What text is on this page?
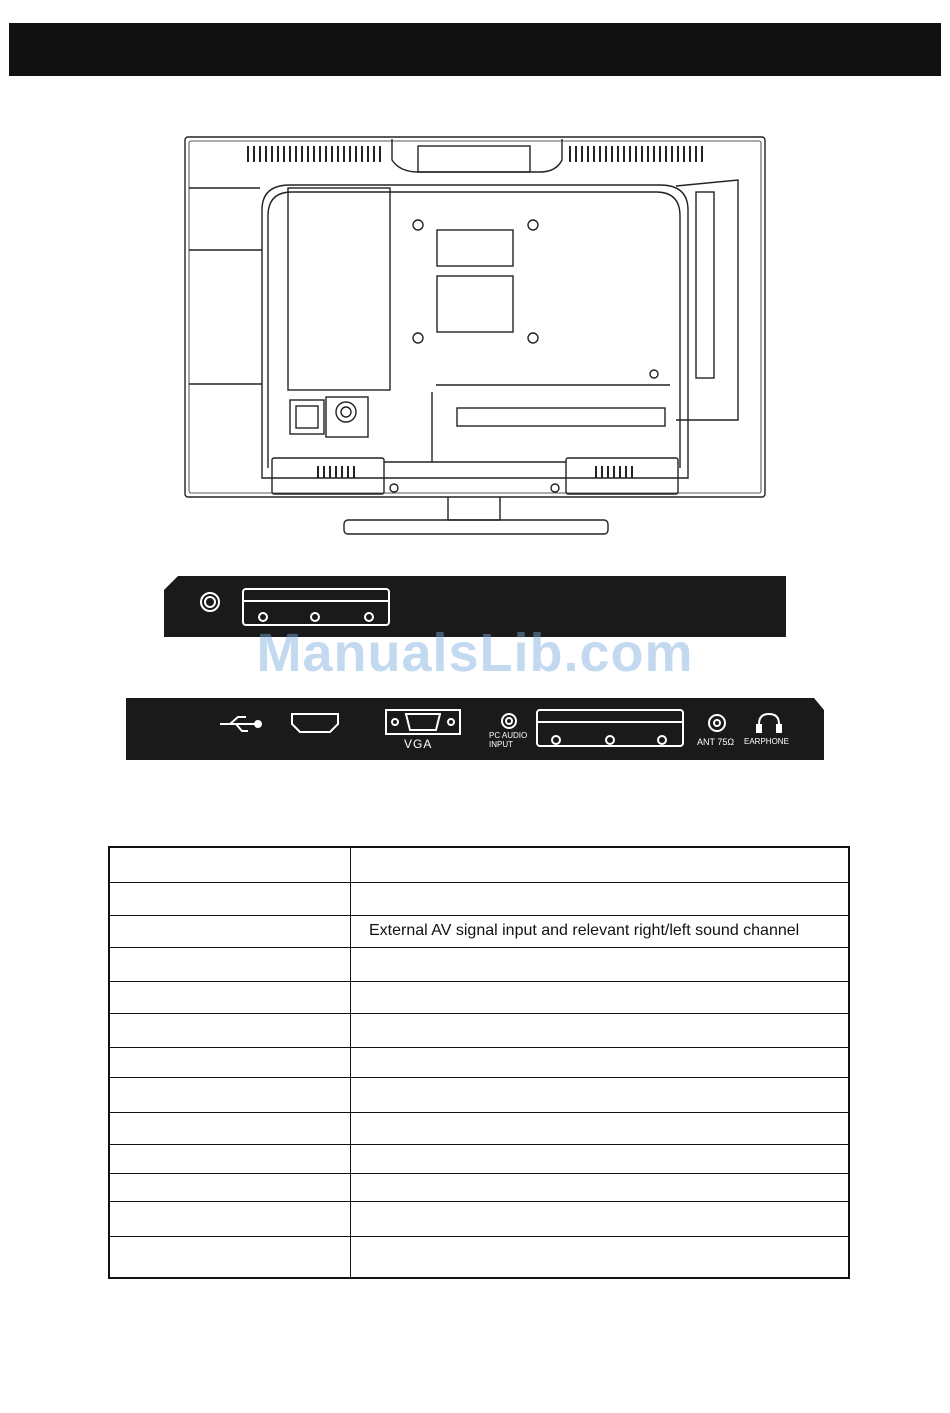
ManualsLib.com
VGA
PC AUDIO
INPUT	ANT 75Ω EARPHONE

	External AV signal input and relevant right/left sound channel
